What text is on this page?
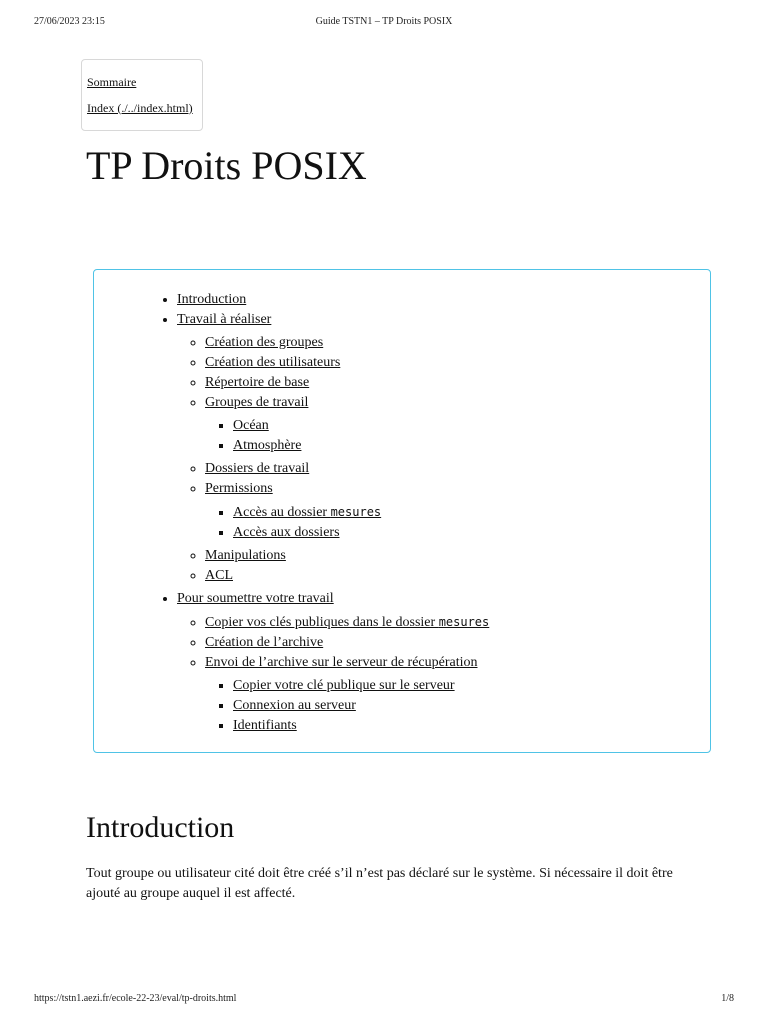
27/06/2023 23:15	Guide TSTN1 – TP Droits POSIX
Sommaire
Index (./../index.html)
TP Droits POSIX
• Introduction
• Travail à réaliser
◦ Création des groupes
◦ Création des utilisateurs
◦ Répertoire de base
◦ Groupes de travail
▪ Océan
▪ Atmosphère
◦ Dossiers de travail
◦ Permissions
▪ Accès au dossier mesures
▪ Accès aux dossiers
◦ Manipulations
◦ ACL
• Pour soumettre votre travail
◦ Copier vos clés publiques dans le dossier mesures
◦ Création de l’archive
◦ Envoi de l’archive sur le serveur de récupération
▪ Copier votre clé publique sur le serveur
▪ Connexion au serveur
▪ Identifiants
Introduction

Tout groupe ou utilisateur cité doit être créé s’il n’est pas déclaré sur le système. Si nécessaire il doit être ajouté au groupe auquel il est affecté.

https://tstn1.aezi.fr/ecole-22-23/eval/tp-droits.html	1/8
